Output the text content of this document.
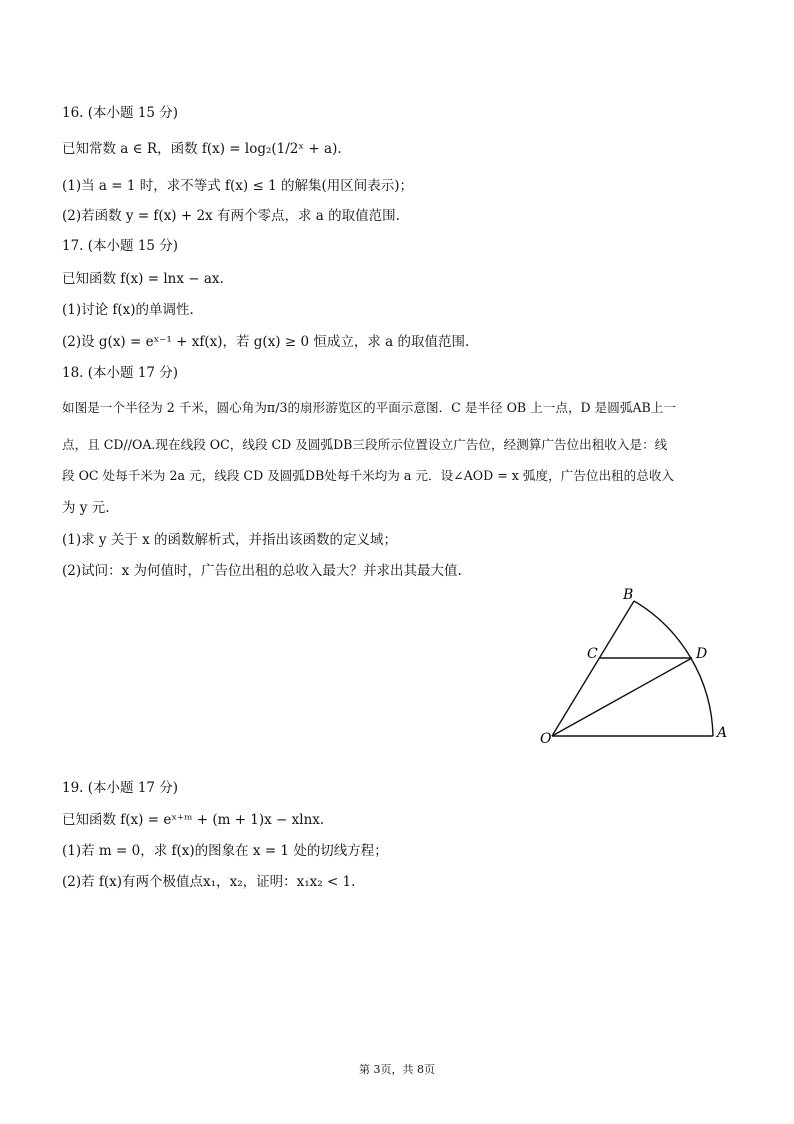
16. (本小题 15 分)
已知常数 a ∈ R，函数 f(x) = log₂(1/2ˣ + a).
(1)当 a = 1 时，求不等式 f(x) ≤ 1 的解集(用区间表示)；
(2)若函数 y = f(x) + 2x 有两个零点，求 a 的取值范围.
17. (本小题 15 分)
已知函数 f(x) = lnx − ax.
(1)讨论 f(x)的单调性.
(2)设 g(x) = eˣ⁻¹ + xf(x)，若 g(x) ≥ 0 恒成立，求 a 的取值范围.
18. (本小题 17 分)
如图是一个半径为 2 千米，圆心角为π/3的扇形游览区的平面示意图．C 是半径 OB 上一点，D 是圆弧AB上一
点，且 CD//OA.现在线段 OC，线段 CD 及圆弧DB三段所示位置设立广告位，经测算广告位出租收入是：线
段 OC 处每千米为 2a 元，线段 CD 及圆弧DB处每千米均为 a 元．设∠AOD = x 弧度，广告位出租的总收入
为 y 元.
(1)求 y 关于 x 的函数解析式，并指出该函数的定义域；
(2)试问：x 为何值时，广告位出租的总收入最大？并求出其最大值.
O	A
B
C	D
19. (本小题 17 分)
已知函数 f(x) = eˣ⁺ᵐ + (m + 1)x − xlnx.
(1)若 m = 0，求 f(x)的图象在 x = 1 处的切线方程；
(2)若 f(x)有两个极值点x₁，x₂，证明：x₁x₂ < 1.
第 3页，共 8页
